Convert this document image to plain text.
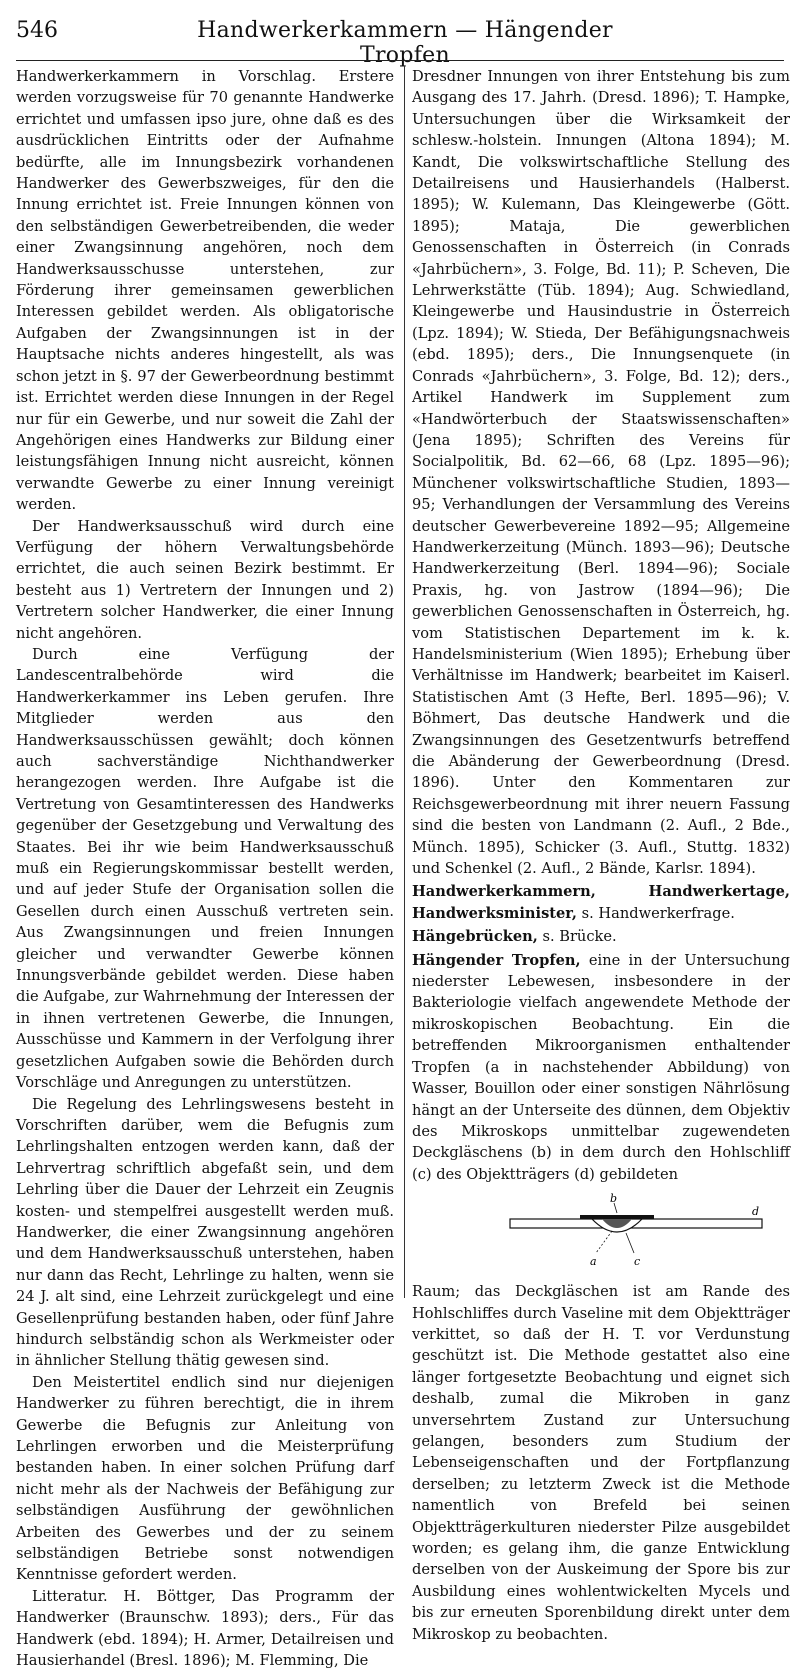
546	Handwerkerkammern — Hängender Tropfen

Handwerkerkammern in Vorschlag. Erstere werden vorzugsweise für 70 genannte Handwerke errichtet und umfassen ipso jure, ohne daß es des ausdrücklichen Eintritts oder der Aufnahme bedürfte, alle im Innungsbezirk vorhandenen Handwerker des Gewerbszweiges, für den die Innung errichtet ist. Freie Innungen können von den selbständigen Gewerbetreibenden, die weder einer Zwangsinnung angehören, noch dem Handwerksausschusse unterstehen, zur Förderung ihrer gemeinsamen gewerblichen Interessen gebildet werden. Als obligatorische Aufgaben der Zwangsinnungen ist in der Hauptsache nichts anderes hingestellt, als was schon jetzt in §. 97 der Gewerbeordnung bestimmt ist. Errichtet werden diese Innungen in der Regel nur für ein Gewerbe, und nur soweit die Zahl der Angehörigen eines Handwerks zur Bildung einer leistungsfähigen Innung nicht ausreicht, können verwandte Gewerbe zu einer Innung vereinigt werden.

Der Handwerksausschuß wird durch eine Verfügung der höhern Verwaltungsbehörde errichtet, die auch seinen Bezirk bestimmt. Er besteht aus 1) Vertretern der Innungen und 2) Vertretern solcher Handwerker, die einer Innung nicht angehören.

Durch eine Verfügung der Landescentralbehörde wird die Handwerkerkammer ins Leben gerufen. Ihre Mitglieder werden aus den Handwerksausschüssen gewählt; doch können auch sachverständige Nichthandwerker herangezogen werden. Ihre Aufgabe ist die Vertretung von Gesamtinteressen des Handwerks gegenüber der Gesetzgebung und Verwaltung des Staates. Bei ihr wie beim Handwerksausschuß muß ein Regierungskommissar bestellt werden, und auf jeder Stufe der Organisation sollen die Gesellen durch einen Ausschuß vertreten sein. Aus Zwangsinnungen und freien Innungen gleicher und verwandter Gewerbe können Innungsverbände gebildet werden. Diese haben die Aufgabe, zur Wahrnehmung der Interessen der in ihnen vertretenen Gewerbe, die Innungen, Ausschüsse und Kammern in der Verfolgung ihrer gesetzlichen Aufgaben sowie die Behörden durch Vorschläge und Anregungen zu unterstützen.

Die Regelung des Lehrlingswesens besteht in Vorschriften darüber, wem die Befugnis zum Lehrlingshalten entzogen werden kann, daß der Lehrvertrag schriftlich abgefaßt sein, und dem Lehrling über die Dauer der Lehrzeit ein Zeugnis kosten- und stempelfrei ausgestellt werden muß. Handwerker, die einer Zwangsinnung angehören und dem Handwerksausschuß unterstehen, haben nur dann das Recht, Lehrlinge zu halten, wenn sie 24 J. alt sind, eine Lehrzeit zurückgelegt und eine Gesellenprüfung bestanden haben, oder fünf Jahre hindurch selbständig schon als Werkmeister oder in ähnlicher Stellung thätig gewesen sind.

Den Meistertitel endlich sind nur diejenigen Handwerker zu führen berechtigt, die in ihrem Gewerbe die Befugnis zur Anleitung von Lehrlingen erworben und die Meisterprüfung bestanden haben. In einer solchen Prüfung darf nicht mehr als der Nachweis der Befähigung zur selbständigen Ausführung der gewöhnlichen Arbeiten des Gewerbes und der zu seinem selbständigen Betriebe sonst notwendigen Kenntnisse gefordert werden.

Litteratur. H. Böttger, Das Programm der Handwerker (Braunschw. 1893); ders., Für das Handwerk (ebd. 1894); H. Armer, Detailreisen und Hausierhandel (Bresl. 1896); M. Flemming, Die

Dresdner Innungen von ihrer Entstehung bis zum Ausgang des 17. Jahrh. (Dresd. 1896); T. Hampke, Untersuchungen über die Wirksamkeit der schlesw.-holstein. Innungen (Altona 1894); M. Kandt, Die volkswirtschaftliche Stellung des Detailreisens und Hausierhandels (Halberst. 1895); W. Kulemann, Das Kleingewerbe (Gött. 1895); Mataja, Die gewerblichen Genossenschaften in Österreich (in Conrads «Jahrbüchern», 3. Folge, Bd. 11); P. Scheven, Die Lehrwerkstätte (Tüb. 1894); Aug. Schwiedland, Kleingewerbe und Hausindustrie in Österreich (Lpz. 1894); W. Stieda, Der Befähigungsnachweis (ebd. 1895); ders., Die Innungsenquete (in Conrads «Jahrbüchern», 3. Folge, Bd. 12); ders., Artikel Handwerk im Supplement zum «Handwörterbuch der Staatswissenschaften» (Jena 1895); Schriften des Vereins für Socialpolitik, Bd. 62—66, 68 (Lpz. 1895—96); Münchener volkswirtschaftliche Studien, 1893—95; Verhandlungen der Versammlung des Vereins deutscher Gewerbevereine 1892—95; Allgemeine Handwerkerzeitung (Münch. 1893—96); Deutsche Handwerkerzeitung (Berl. 1894—96); Sociale Praxis, hg. von Jastrow (1894—96); Die gewerblichen Genossenschaften in Österreich, hg. vom Statistischen Departement im k. k. Handelsministerium (Wien 1895); Erhebung über Verhältnisse im Handwerk; bearbeitet im Kaiserl. Statistischen Amt (3 Hefte, Berl. 1895—96); V. Böhmert, Das deutsche Handwerk und die Zwangsinnungen des Gesetzentwurfs betreffend die Abänderung der Gewerbeordnung (Dresd. 1896). Unter den Kommentaren zur Reichsgewerbeordnung mit ihrer neuern Fassung sind die besten von Landmann (2. Aufl., 2 Bde., Münch. 1895), Schicker (3. Aufl., Stuttg. 1832) und Schenkel (2. Aufl., 2 Bände, Karlsr. 1894).

Handwerkerkammern, Handwerkertage, Handwerksminister, s. Handwerkerfrage.

Hängebrücken, s. Brücke.

Hängender Tropfen, eine in der Untersuchung niederster Lebewesen, insbesondere in der Bakteriologie vielfach angewendete Methode der mikroskopischen Beobachtung. Ein die betreffenden Mikroorganismen enthaltender Tropfen (a in nachstehender Abbildung) von Wasser, Bouillon oder einer sonstigen Nährlösung hängt an der Unterseite des dünnen, dem Objektiv des Mikroskops unmittelbar zugewendeten Deckgläschens (b) in dem durch den Hohlschliff (c) des Objektträgers (d) gebildeten

b
a	c
d

Raum; das Deckgläschen ist am Rande des Hohlschliffes durch Vaseline mit dem Objektträger verkittet, so daß der H. T. vor Verdunstung geschützt ist. Die Methode gestattet also eine länger fortgesetzte Beobachtung und eignet sich deshalb, zumal die Mikroben in ganz unversehrtem Zustand zur Untersuchung gelangen, besonders zum Studium der Lebenseigenschaften und der Fortpflanzung derselben; zu letzterm Zweck ist die Methode namentlich von Brefeld bei seinen Objektträgerkulturen niederster Pilze ausgebildet worden; es gelang ihm, die ganze Entwicklung derselben von der Auskeimung der Spore bis zur Ausbildung eines wohlentwickelten Mycels und bis zur erneuten Sporenbildung direkt unter dem Mikroskop zu beobachten.
